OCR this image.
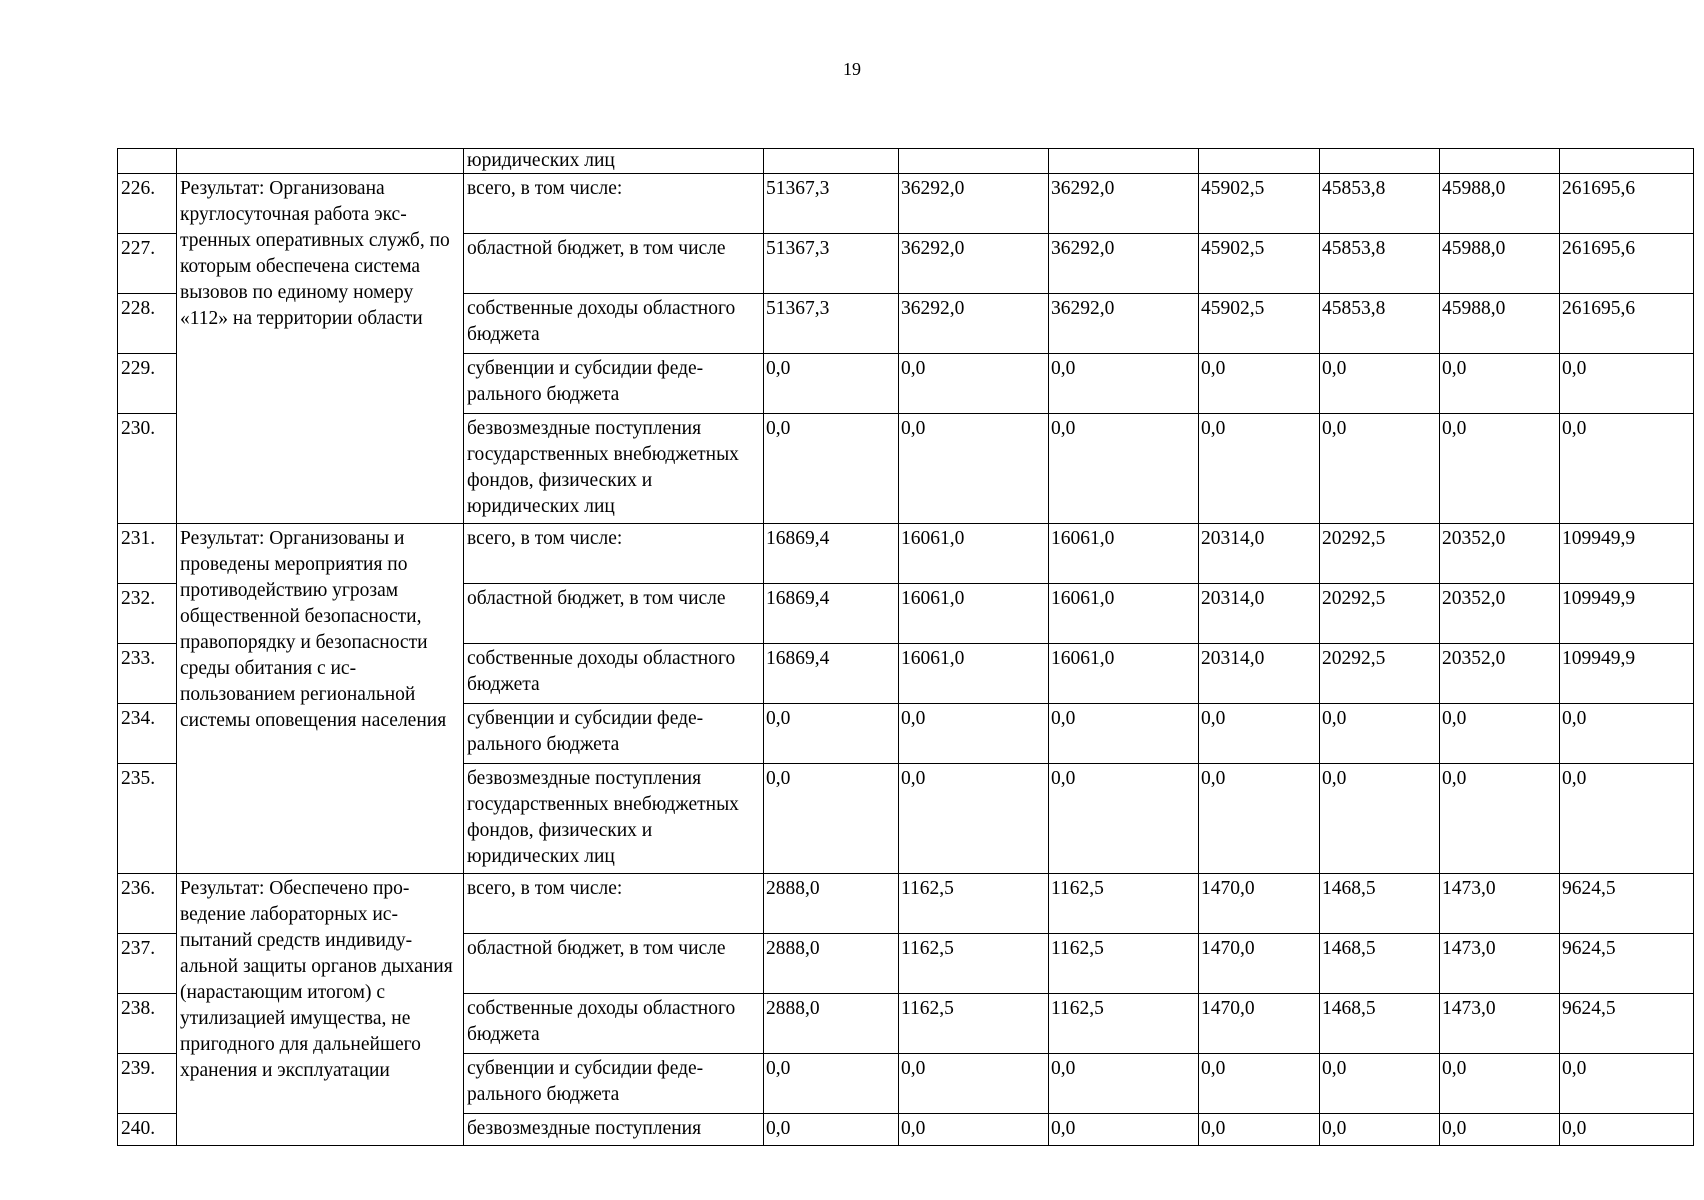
19
		юридических лиц							
226.	Результат: Организована круглосуточная работа экстренных оперативных служб, по которым обеспечена система вызовов по единому номеру «112» на территории области	всего, в том числе:	51367,3	36292,0	36292,0	45902,5	45853,8	45988,0	261695,6
227.		областной бюджет, в том числе	51367,3	36292,0	36292,0	45902,5	45853,8	45988,0	261695,6
228.		собственные доходы областного бюджета	51367,3	36292,0	36292,0	45902,5	45853,8	45988,0	261695,6
229.		субвенции и субсидии федерального бюджета	0,0	0,0	0,0	0,0	0,0	0,0	0,0
230.		безвозмездные поступления государственных внебюджетных фондов, физических и юридических лиц	0,0	0,0	0,0	0,0	0,0	0,0	0,0
231.	Результат: Организованы и проведены мероприятия по противодействию угрозам общественной безопасности, правопорядку и безопасности среды обитания с использованием региональной системы оповещения населения	всего, в том числе:	16869,4	16061,0	16061,0	20314,0	20292,5	20352,0	109949,9
232.		областной бюджет, в том числе	16869,4	16061,0	16061,0	20314,0	20292,5	20352,0	109949,9
233.		собственные доходы областного бюджета	16869,4	16061,0	16061,0	20314,0	20292,5	20352,0	109949,9
234.		субвенции и субсидии федерального бюджета	0,0	0,0	0,0	0,0	0,0	0,0	0,0
235.		безвозмездные поступления государственных внебюджетных фондов, физических и юридических лиц	0,0	0,0	0,0	0,0	0,0	0,0	0,0
236.	Результат: Обеспечено проведение лабораторных испытаний средств индивидуальной защиты органов дыхания (нарастающим итогом) с утилизацией имущества, не пригодного для дальнейшего хранения и эксплуатации	всего, в том числе:	2888,0	1162,5	1162,5	1470,0	1468,5	1473,0	9624,5
237.		областной бюджет, в том числе	2888,0	1162,5	1162,5	1470,0	1468,5	1473,0	9624,5
238.		собственные доходы областного бюджета	2888,0	1162,5	1162,5	1470,0	1468,5	1473,0	9624,5
239.		субвенции и субсидии федерального бюджета	0,0	0,0	0,0	0,0	0,0	0,0	0,0
240.		безвозмездные поступления	0,0	0,0	0,0	0,0	0,0	0,0	0,0
